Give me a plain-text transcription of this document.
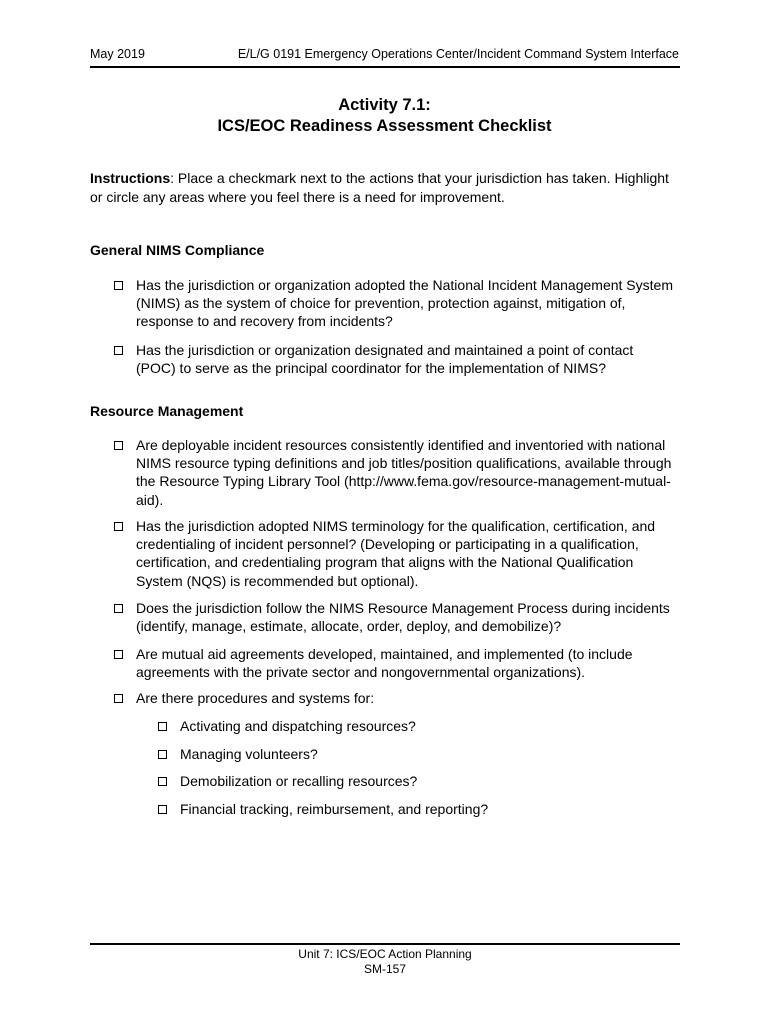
May 2019	E/L/G 0191 Emergency Operations Center/Incident Command System Interface
Activity 7.1:
ICS/EOC Readiness Assessment Checklist
Instructions: Place a checkmark next to the actions that your jurisdiction has taken. Highlight or circle any areas where you feel there is a need for improvement.
General NIMS Compliance
Has the jurisdiction or organization adopted the National Incident Management System (NIMS) as the system of choice for prevention, protection against, mitigation of, response to and recovery from incidents?
Has the jurisdiction or organization designated and maintained a point of contact (POC) to serve as the principal coordinator for the implementation of NIMS?
Resource Management
Are deployable incident resources consistently identified and inventoried with national NIMS resource typing definitions and job titles/position qualifications, available through the Resource Typing Library Tool (http://www.fema.gov/resource-management-mutual-aid).
Has the jurisdiction adopted NIMS terminology for the qualification, certification, and credentialing of incident personnel? (Developing or participating in a qualification, certification, and credentialing program that aligns with the National Qualification System (NQS) is recommended but optional).
Does the jurisdiction follow the NIMS Resource Management Process during incidents (identify, manage, estimate, allocate, order, deploy, and demobilize)?
Are mutual aid agreements developed, maintained, and implemented (to include agreements with the private sector and nongovernmental organizations).
Are there procedures and systems for:
Activating and dispatching resources?
Managing volunteers?
Demobilization or recalling resources?
Financial tracking, reimbursement, and reporting?
Unit 7: ICS/EOC Action Planning
SM-157
